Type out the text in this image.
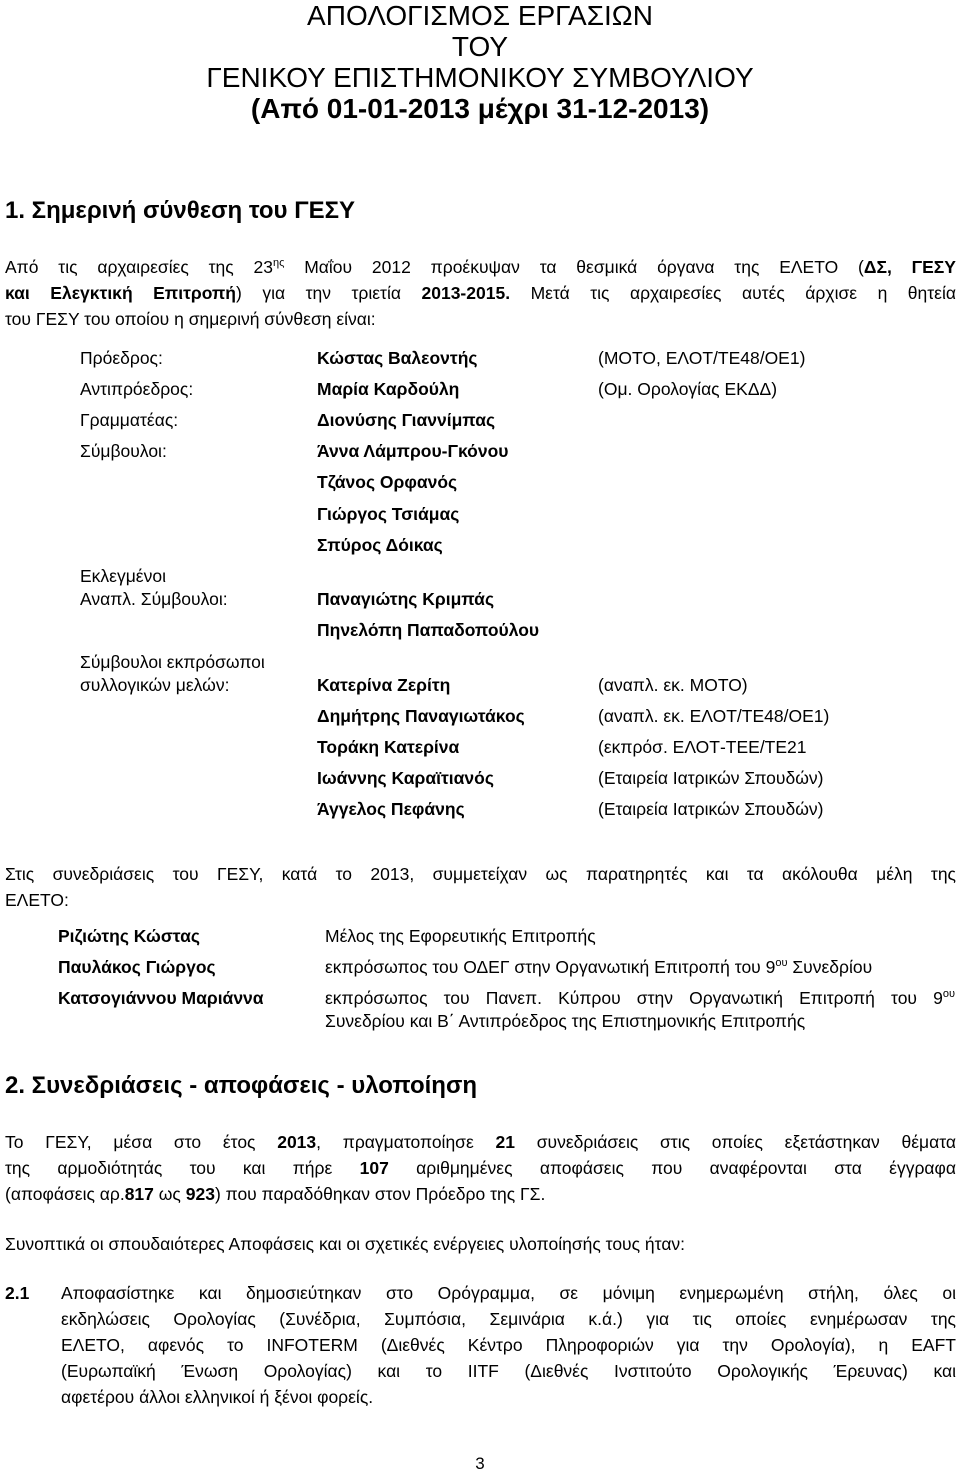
ΑΠΟΛΟΓΙΣΜΟΣ ΕΡΓΑΣΙΩΝ
ΤΟΥ
ΓΕΝΙΚΟΥ ΕΠΙΣΤΗΜΟΝΙΚΟΥ ΣΥΜΒΟΥΛΙΟΥ
(Από 01-01-2013 μέχρι 31-12-2013)
1. Σημερινή σύνθεση του ΓΕΣΥ
Από τις αρχαιρεσίες της $23^{\eta\varsigma}$ Μαΐου 2012 προέκυψαν τα θεσμικά όργανα της ΕΛΕΤΟ (ΔΣ, ΓΕΣΥ
και Ελεγκτική Επιτροπή) για την τριετία 2013-2015. Μετά τις αρχαιρεσίες αυτές άρχισε η θητεία
του ΓΕΣΥ του οποίου η σημερινή σύνθεση είναι:
Πρόεδρος:	Κώστας Βαλεοντής	(ΜΟΤΟ, ΕΛΟΤ/ΤΕ48/ΟΕ1)
Αντιπρόεδρος:	Μαρία Καρδούλη	(Ομ. Ορολογίας ΕΚΔΔ)
Γραμματέας:	Διονύσης Γιαννίμπας
Σύμβουλοι:	Άννα Λάμπρου-Γκόνου
Τζάνος Ορφανός
Γιώργος Τσιάμας
Σπύρος Δόικας
Εκλεγμένοι
Αναπλ. Σύμβουλοι:	Παναγιώτης Κριμπάς
Πηνελόπη Παπαδοπούλου
Σύμβουλοι εκπρόσωποι
συλλογικών μελών:	Κατερίνα Ζερίτη	(αναπλ. εκ. ΜΟΤΟ)
Δημήτρης Παναγιωτάκος	(αναπλ. εκ. ΕΛΟΤ/ΤΕ48/ΟΕ1)
Τοράκη Κατερίνα	(εκπρόσ. ΕΛΟΤ-ΤΕΕ/ΤΕ21
Ιωάννης Καραϊτιανός	(Εταιρεία Ιατρικών Σπουδών)
Άγγελος Πεφάνης	(Εταιρεία Ιατρικών Σπουδών)
Στις συνεδριάσεις του ΓΕΣΥ, κατά το 2013, συμμετείχαν ως παρατηρητές και τα ακόλουθα μέλη της
ΕΛΕΤΟ:
Ριζιώτης Κώστας	Μέλος της Εφορευτικής Επιτροπής
Παυλάκος Γιώργος	εκπρόσωπος του ΟΔΕΓ στην Οργανωτική Επιτροπή του $9^{o\upsilon}$ Συνεδρίου
Κατσογιάννου Μαριάννα	εκπρόσωπος του Πανεπ. Κύπρου στην Οργανωτική Επιτροπή του $9^{o\upsilon}$
Συνεδρίου και Β΄ Αντιπρόεδρος της Επιστημονικής Επιτροπής
2. Συνεδριάσεις - αποφάσεις - υλοποίηση
Το ΓΕΣΥ, μέσα στο έτος 2013, πραγματοποίησε 21 συνεδριάσεις στις οποίες εξετάστηκαν θέματα
της αρμοδιότητάς του και πήρε 107 αριθμημένες αποφάσεις που αναφέρονται στα έγγραφα
(αποφάσεις αρ.817 ως 923) που παραδόθηκαν στον Πρόεδρο της ΓΣ.
Συνοπτικά οι σπουδαιότερες Αποφάσεις και οι σχετικές ενέργειες υλοποίησής τους ήταν:
2.1 Αποφασίστηκε και δημοσιεύτηκαν στο Ορόγραμμα, σε μόνιμη ενημερωμένη στήλη, όλες οι
εκδηλώσεις Ορολογίας (Συνέδρια, Συμπόσια, Σεμινάρια κ.ά.) για τις οποίες ενημέρωσαν της
ΕΛΕΤΟ, αφενός το INFOTERM (Διεθνές Κέντρο Πληροφοριών για την Ορολογία), η EAFT
(Ευρωπαϊκή Ένωση Ορολογίας) και το IITF (Διεθνές Ινστιτούτο Ορολογικής Έρευνας) και
αφετέρου άλλοι ελληνικοί ή ξένοι φορείς.
3
